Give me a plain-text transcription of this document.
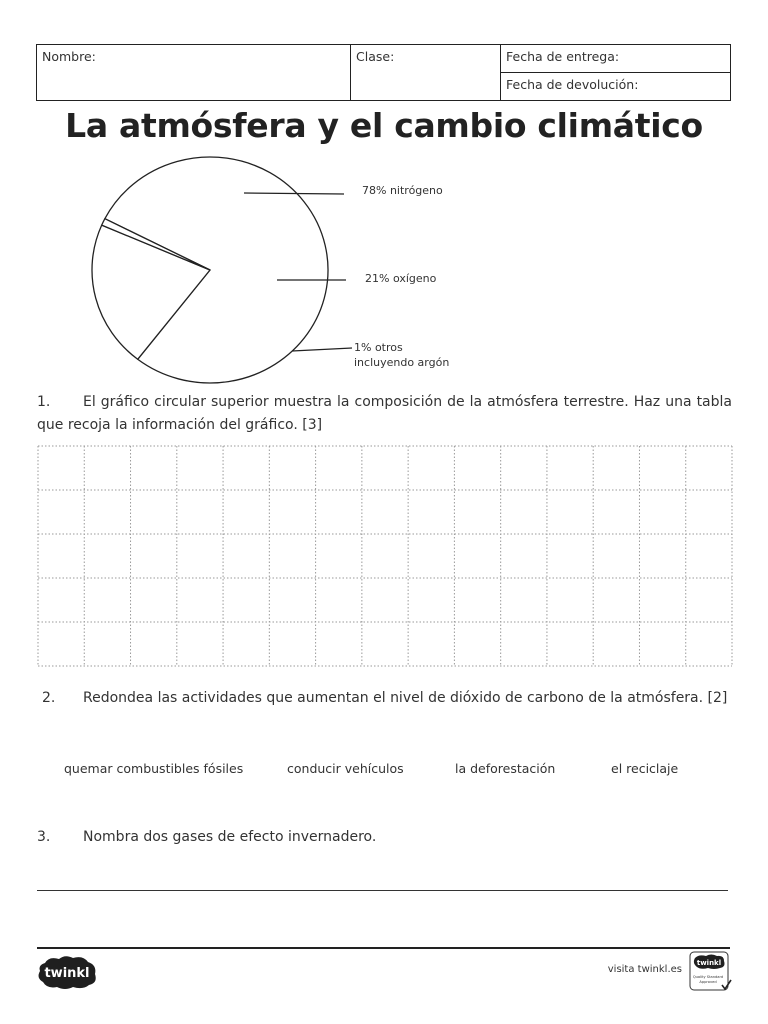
Nombre:	Clase:	Fecha de entrega:
Fecha de devolución:
La atmósfera y el cambio climático
78% nitrógeno
21% oxígeno
1% otros
incluyendo argón
1. El gráfico circular superior muestra la composición de la atmósfera terrestre. Haz una tabla que recoja la información del gráfico. [3]
2. Redondea las actividades que aumentan el nivel de dióxido de carbono de la atmósfera. [2]
quemar combustibles fósiles	conducir vehículos	la deforestación	el reciclaje
3. Nombra dos gases de efecto invernadero.
twinkl	visita twinkl.es
twinkl
Quality Standard
Approved
